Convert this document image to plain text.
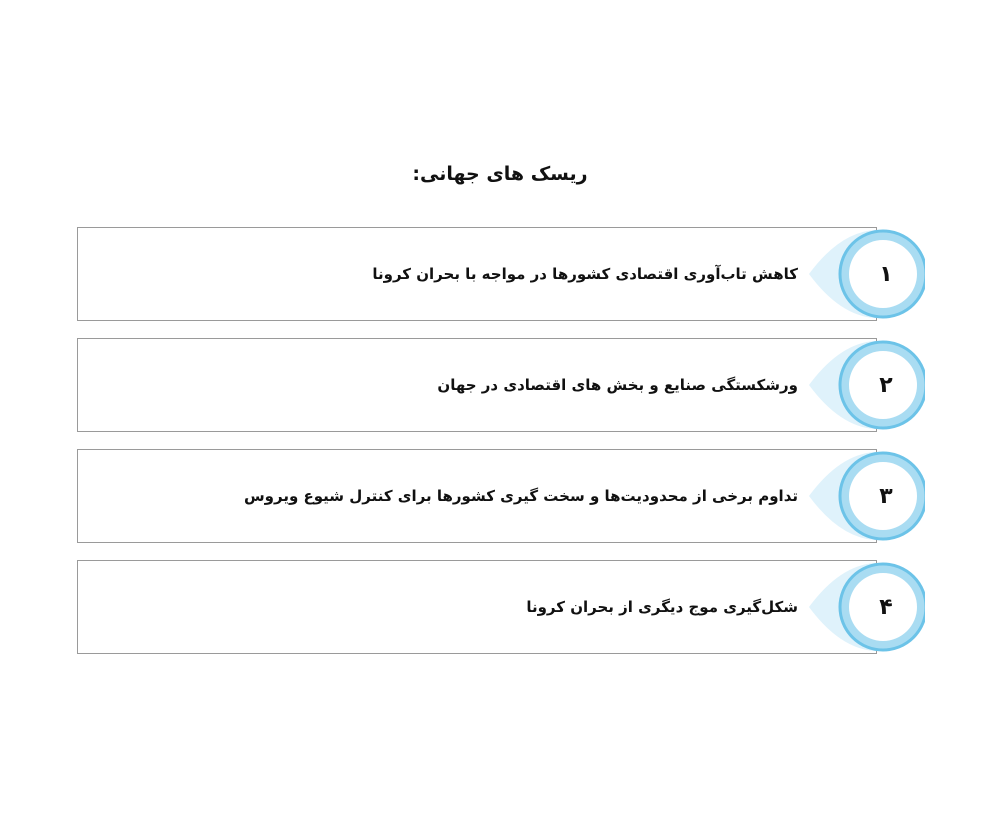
ریسک های جهانی:
کاهش تاب‌آوری اقتصادی کشورها در مواجه با بحران کرونا	۱
ورشکستگی صنایع و بخش های اقتصادی در جهان	۲
تداوم برخی از محدودیت‌ها و سخت گیری کشورها برای کنترل شیوع ویروس	۳
شکل‌گیری موج دیگری از بحران کرونا	۴
